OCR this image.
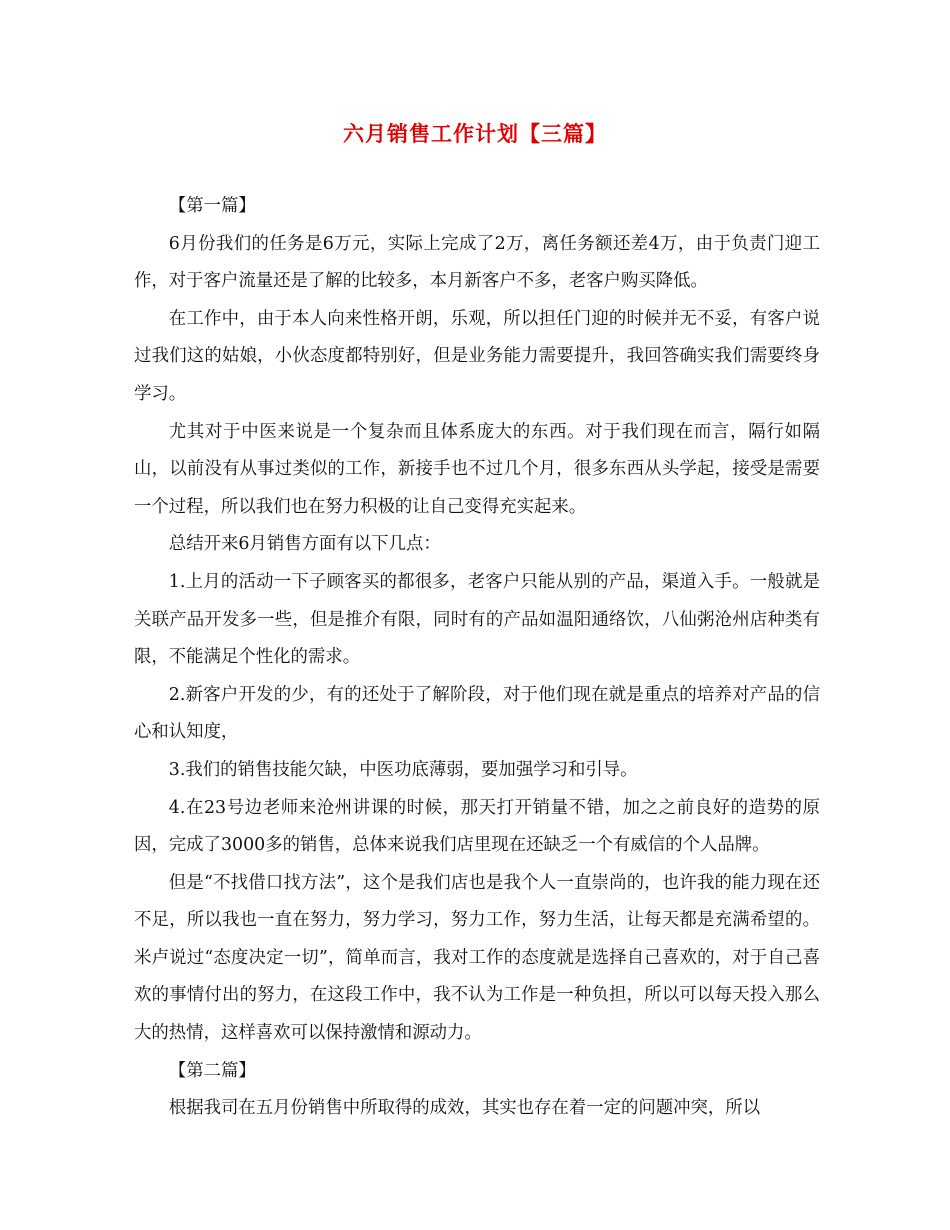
六月销售工作计划【三篇】

【第一篇】

6月份我们的任务是6万元，实际上完成了2万，离任务额还差4万，由于负责门迎工作，对于客户流量还是了解的比较多，本月新客户不多，老客户购买降低。

在工作中，由于本人向来性格开朗，乐观，所以担任门迎的时候并无不妥，有客户说过我们这的姑娘，小伙态度都特别好，但是业务能力需要提升，我回答确实我们需要终身学习。

尤其对于中医来说是一个复杂而且体系庞大的东西。对于我们现在而言，隔行如隔山，以前没有从事过类似的工作，新接手也不过几个月，很多东西从头学起，接受是需要一个过程，所以我们也在努力积极的让自己变得充实起来。

总结开来6月销售方面有以下几点：

1.上月的活动一下子顾客买的都很多，老客户只能从别的产品，渠道入手。一般就是关联产品开发多一些，但是推介有限，同时有的产品如温阳通络饮，八仙粥沧州店种类有限，不能满足个性化的需求。

2.新客户开发的少，有的还处于了解阶段，对于他们现在就是重点的培养对产品的信心和认知度，

3.我们的销售技能欠缺，中医功底薄弱，要加强学习和引导。

4.在23号边老师来沧州讲课的时候，那天打开销量不错，加之之前良好的造势的原因，完成了3000多的销售，总体来说我们店里现在还缺乏一个有威信的个人品牌。

但是“不找借口找方法”，这个是我们店也是我个人一直崇尚的，也许我的能力现在还不足，所以我也一直在努力，努力学习，努力工作，努力生活，让每天都是充满希望的。米卢说过“态度决定一切”，简单而言，我对工作的态度就是选择自己喜欢的，对于自己喜欢的事情付出的努力，在这段工作中，我不认为工作是一种负担，所以可以每天投入那么大的热情，这样喜欢可以保持激情和源动力。

【第二篇】

根据我司在五月份销售中所取得的成效，其实也存在着一定的问题冲突，所以
